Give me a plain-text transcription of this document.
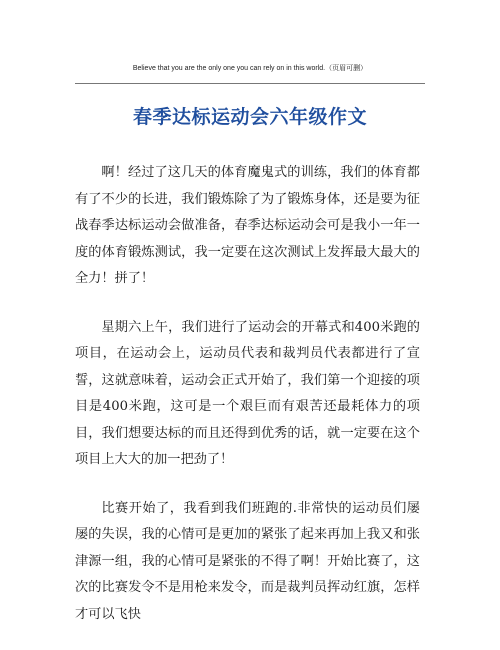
Believe that you are the only one you can rely on in this world.（页眉可删）
春季达标运动会六年级作文

啊！经过了这几天的体育魔鬼式的训练，我们的体育都有了不少的长进，我们锻炼除了为了锻炼身体，还是要为征战春季达标运动会做准备，春季达标运动会可是我小一年一度的体育锻炼测试，我一定要在这次测试上发挥最大最大的全力！拼了！

星期六上午，我们进行了运动会的开幕式和400米跑的项目，在运动会上，运动员代表和裁判员代表都进行了宣誓，这就意味着，运动会正式开始了，我们第一个迎接的项目是400米跑，这可是一个艰巨而有艰苦还最耗体力的项目，我们想要达标的而且还得到优秀的话，就一定要在这个项目上大大的加一把劲了！

比赛开始了，我看到我们班跑的.非常快的运动员们屡屡的失误，我的心情可是更加的紧张了起来再加上我又和张津源一组，我的心情可是紧张的不得了啊！开始比赛了，这次的比赛发令不是用枪来发令，而是裁判员挥动红旗，怎样才可以飞快
